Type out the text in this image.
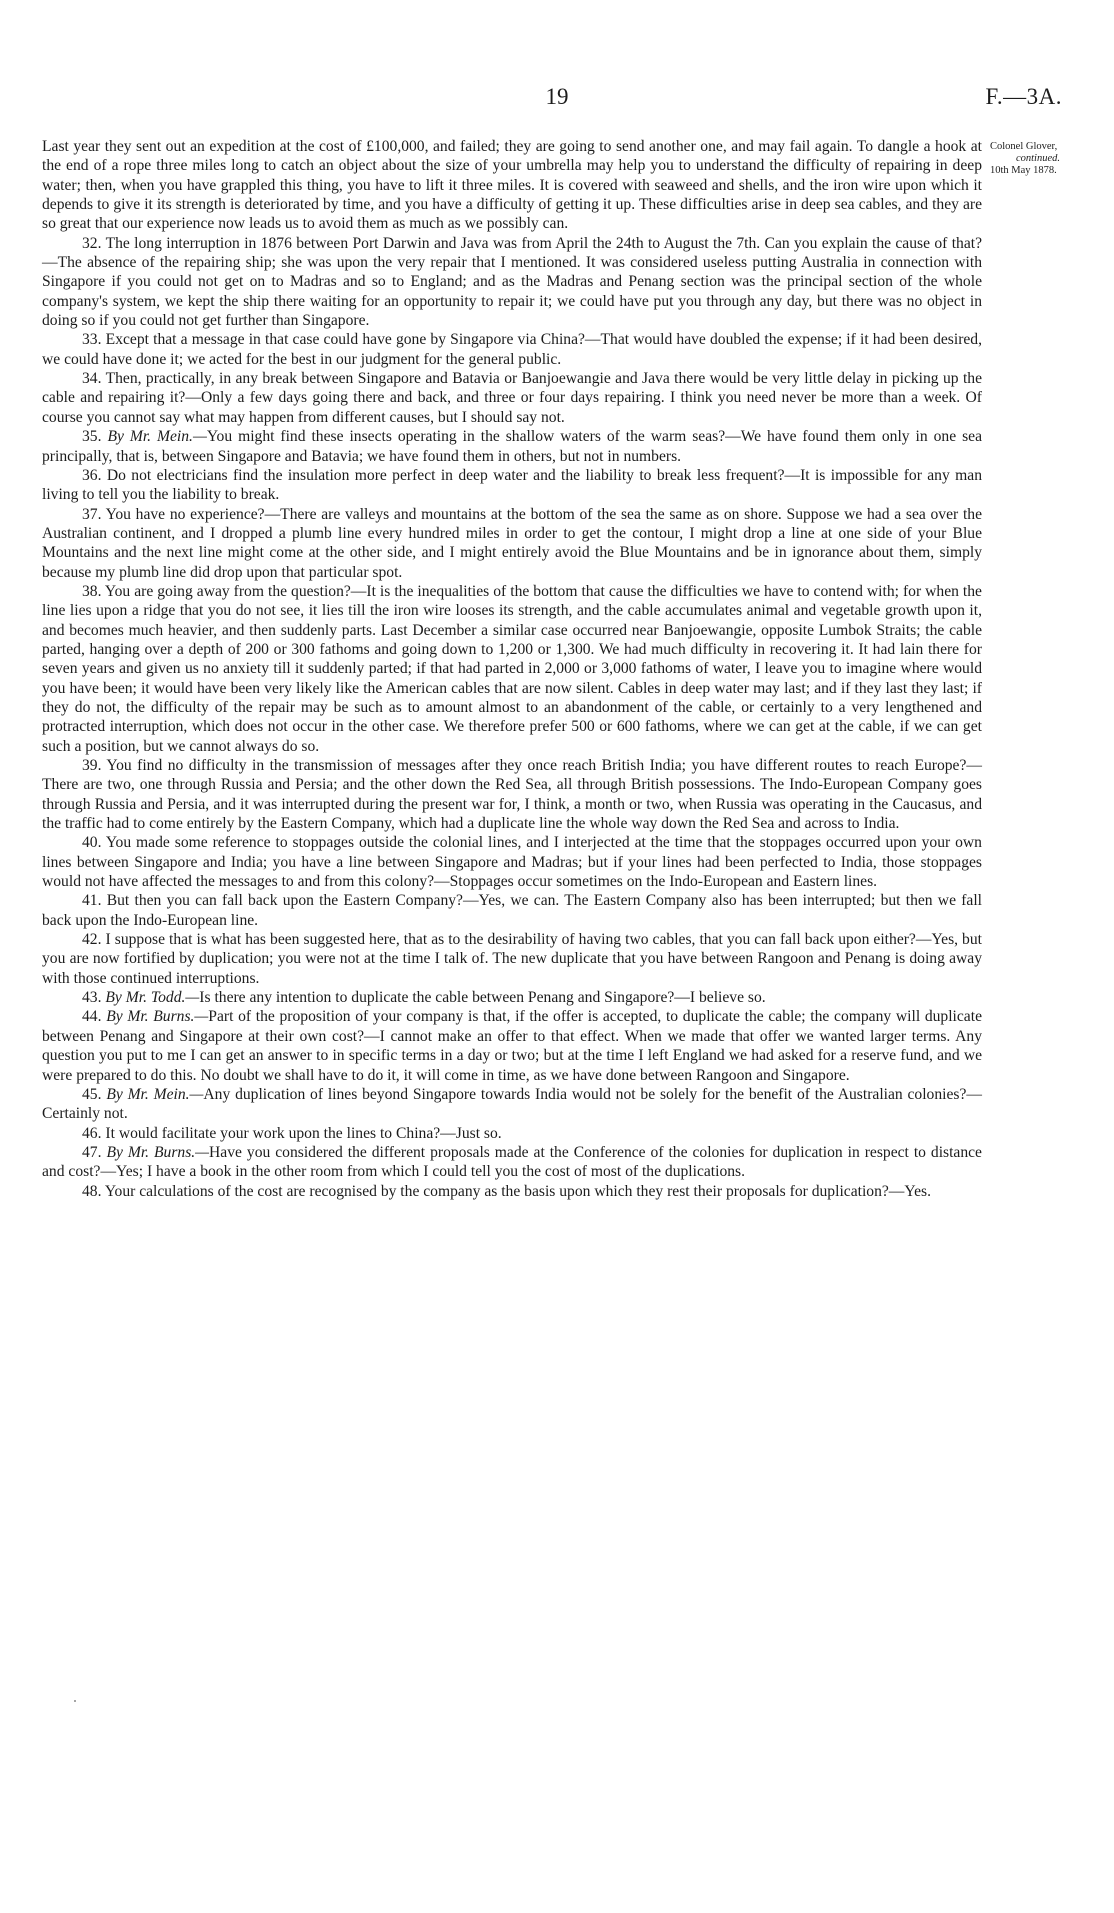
19	F.—3A.
Colonel Glover,

continued.
10th May 1878.

Last year they sent out an expedition at the cost of £100,000, and failed; they are going to send another one, and may fail again. To dangle a hook at the end of a rope three miles long to catch an object about the size of your umbrella may help you to understand the difficulty of repairing in deep water; then, when you have grappled this thing, you have to lift it three miles. It is covered with seaweed and shells, and the iron wire upon which it depends to give it its strength is deteriorated by time, and you have a difficulty of getting it up. These difficulties arise in deep sea cables, and they are so great that our experience now leads us to avoid them as much as we possibly can.

32. The long interruption in 1876 between Port Darwin and Java was from April the 24th to August the 7th. Can you explain the cause of that?—The absence of the repairing ship; she was upon the very repair that I mentioned. It was considered useless putting Australia in connection with Singapore if you could not get on to Madras and so to England; and as the Madras and Penang section was the principal section of the whole company's system, we kept the ship there waiting for an opportunity to repair it; we could have put you through any day, but there was no object in doing so if you could not get further than Singapore.

33. Except that a message in that case could have gone by Singapore via China?—That would have doubled the expense; if it had been desired, we could have done it; we acted for the best in our judgment for the general public.

34. Then, practically, in any break between Singapore and Batavia or Banjoewangie and Java there would be very little delay in picking up the cable and repairing it?—Only a few days going there and back, and three or four days repairing. I think you need never be more than a week. Of course you cannot say what may happen from different causes, but I should say not.

35. By Mr. Mein.—You might find these insects operating in the shallow waters of the warm seas?—We have found them only in one sea principally, that is, between Singapore and Batavia; we have found them in others, but not in numbers.

36. Do not electricians find the insulation more perfect in deep water and the liability to break less frequent?—It is impossible for any man living to tell you the liability to break.

37. You have no experience?—There are valleys and mountains at the bottom of the sea the same as on shore. Suppose we had a sea over the Australian continent, and I dropped a plumb line every hundred miles in order to get the contour, I might drop a line at one side of your Blue Mountains and the next line might come at the other side, and I might entirely avoid the Blue Mountains and be in ignorance about them, simply because my plumb line did drop upon that particular spot.

38. You are going away from the question?—It is the inequalities of the bottom that cause the difficulties we have to contend with; for when the line lies upon a ridge that you do not see, it lies till the iron wire looses its strength, and the cable accumulates animal and vegetable growth upon it, and becomes much heavier, and then suddenly parts. Last December a similar case occurred near Banjoewangie, opposite Lumbok Straits; the cable parted, hanging over a depth of 200 or 300 fathoms and going down to 1,200 or 1,300. We had much difficulty in recovering it. It had lain there for seven years and given us no anxiety till it suddenly parted; if that had parted in 2,000 or 3,000 fathoms of water, I leave you to imagine where would you have been; it would have been very likely like the American cables that are now silent. Cables in deep water may last; and if they last they last; if they do not, the difficulty of the repair may be such as to amount almost to an abandonment of the cable, or certainly to a very lengthened and protracted interruption, which does not occur in the other case. We therefore prefer 500 or 600 fathoms, where we can get at the cable, if we can get such a position, but we cannot always do so.

39. You find no difficulty in the transmission of messages after they once reach British India; you have different routes to reach Europe?—There are two, one through Russia and Persia; and the other down the Red Sea, all through British possessions. The Indo-European Company goes through Russia and Persia, and it was interrupted during the present war for, I think, a month or two, when Russia was operating in the Caucasus, and the traffic had to come entirely by the Eastern Company, which had a duplicate line the whole way down the Red Sea and across to India.

40. You made some reference to stoppages outside the colonial lines, and I interjected at the time that the stoppages occurred upon your own lines between Singapore and India; you have a line between Singapore and Madras; but if your lines had been perfected to India, those stoppages would not have affected the messages to and from this colony?—Stoppages occur sometimes on the Indo-European and Eastern lines.

41. But then you can fall back upon the Eastern Company?—Yes, we can. The Eastern Company also has been interrupted; but then we fall back upon the Indo-European line.

42. I suppose that is what has been suggested here, that as to the desirability of having two cables, that you can fall back upon either?—Yes, but you are now fortified by duplication; you were not at the time I talk of. The new duplicate that you have between Rangoon and Penang is doing away with those continued interruptions.

43. By Mr. Todd.—Is there any intention to duplicate the cable between Penang and Singapore?—I believe so.

44. By Mr. Burns.—Part of the proposition of your company is that, if the offer is accepted, to duplicate the cable; the company will duplicate between Penang and Singapore at their own cost?—I cannot make an offer to that effect. When we made that offer we wanted larger terms. Any question you put to me I can get an answer to in specific terms in a day or two; but at the time I left England we had asked for a reserve fund, and we were prepared to do this. No doubt we shall have to do it, it will come in time, as we have done between Rangoon and Singapore.

45. By Mr. Mein.—Any duplication of lines beyond Singapore towards India would not be solely for the benefit of the Australian colonies?—Certainly not.

46. It would facilitate your work upon the lines to China?—Just so.

47. By Mr. Burns.—Have you considered the different proposals made at the Conference of the colonies for duplication in respect to distance and cost?—Yes; I have a book in the other room from which I could tell you the cost of most of the duplications.

48. Your calculations of the cost are recognised by the company as the basis upon which they rest their proposals for duplication?—Yes.
